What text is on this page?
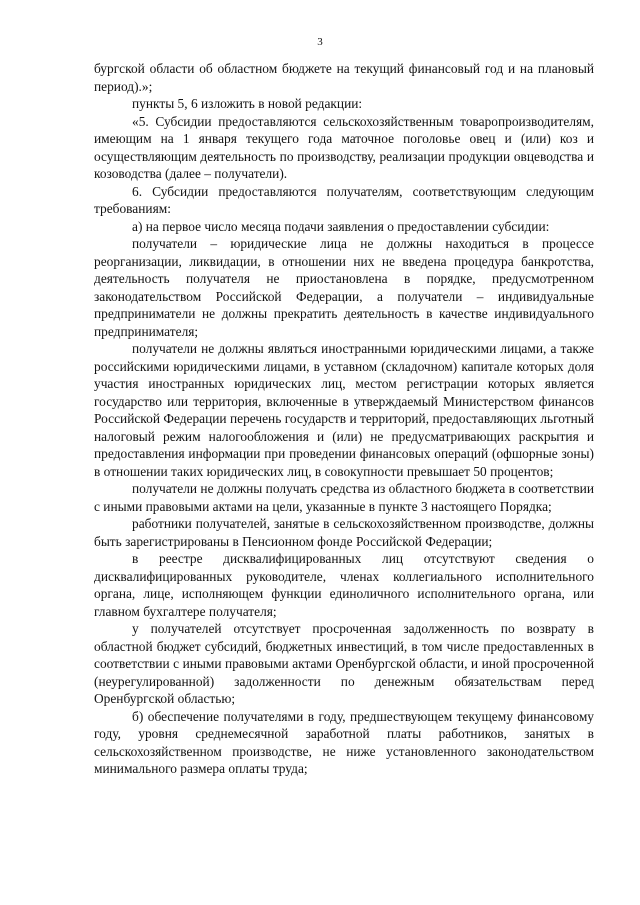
3

бургской области об областном бюджете на текущий финансовый год и на плановый период).»;

пункты 5, 6 изложить в новой редакции:

«5. Субсидии предоставляются сельскохозяйственным товаропроизводителям, имеющим на 1 января текущего года маточное поголовье овец и (или) коз и осуществляющим деятельность по производству, реализации продукции овцеводства и козоводства (далее – получатели).

6. Субсидии предоставляются получателям, соответствующим следующим требованиям:

а) на первое число месяца подачи заявления о предоставлении субсидии:

получатели – юридические лица не должны находиться в процессе реорганизации, ликвидации, в отношении них не введена процедура банкротства, деятельность получателя не приостановлена в порядке, предусмотренном законодательством Российской Федерации, а получатели – индивидуальные предприниматели не должны прекратить деятельность в качестве индивидуального предпринимателя;

получатели не должны являться иностранными юридическими лицами, а также российскими юридическими лицами, в уставном (складочном) капитале которых доля участия иностранных юридических лиц, местом регистрации которых является государство или территория, включенные в утверждаемый Министерством финансов Российской Федерации перечень государств и территорий, предоставляющих льготный налоговый режим налогообложения и (или) не предусматривающих раскрытия и предоставления информации при проведении финансовых операций (офшорные зоны) в отношении таких юридических лиц, в совокупности превышает 50 процентов;

получатели не должны получать средства из областного бюджета в соответствии с иными правовыми актами на цели, указанные в пункте 3 настоящего Порядка;

работники получателей, занятые в сельскохозяйственном производстве, должны быть зарегистрированы в Пенсионном фонде Российской Федерации;

в реестре дисквалифицированных лиц отсутствуют сведения о дисквалифицированных руководителе, членах коллегиального исполнительного органа, лице, исполняющем функции единоличного исполнительного органа, или главном бухгалтере получателя;

у получателей отсутствует просроченная задолженность по возврату в областной бюджет субсидий, бюджетных инвестиций, в том числе предоставленных в соответствии с иными правовыми актами Оренбургской области, и иной просроченной (неурегулированной) задолженности по денежным обязательствам перед Оренбургской областью;

б) обеспечение получателями в году, предшествующем текущему финансовому году, уровня среднемесячной заработной платы работников, занятых в сельскохозяйственном производстве, не ниже установленного законодательством минимального размера оплаты труда;
